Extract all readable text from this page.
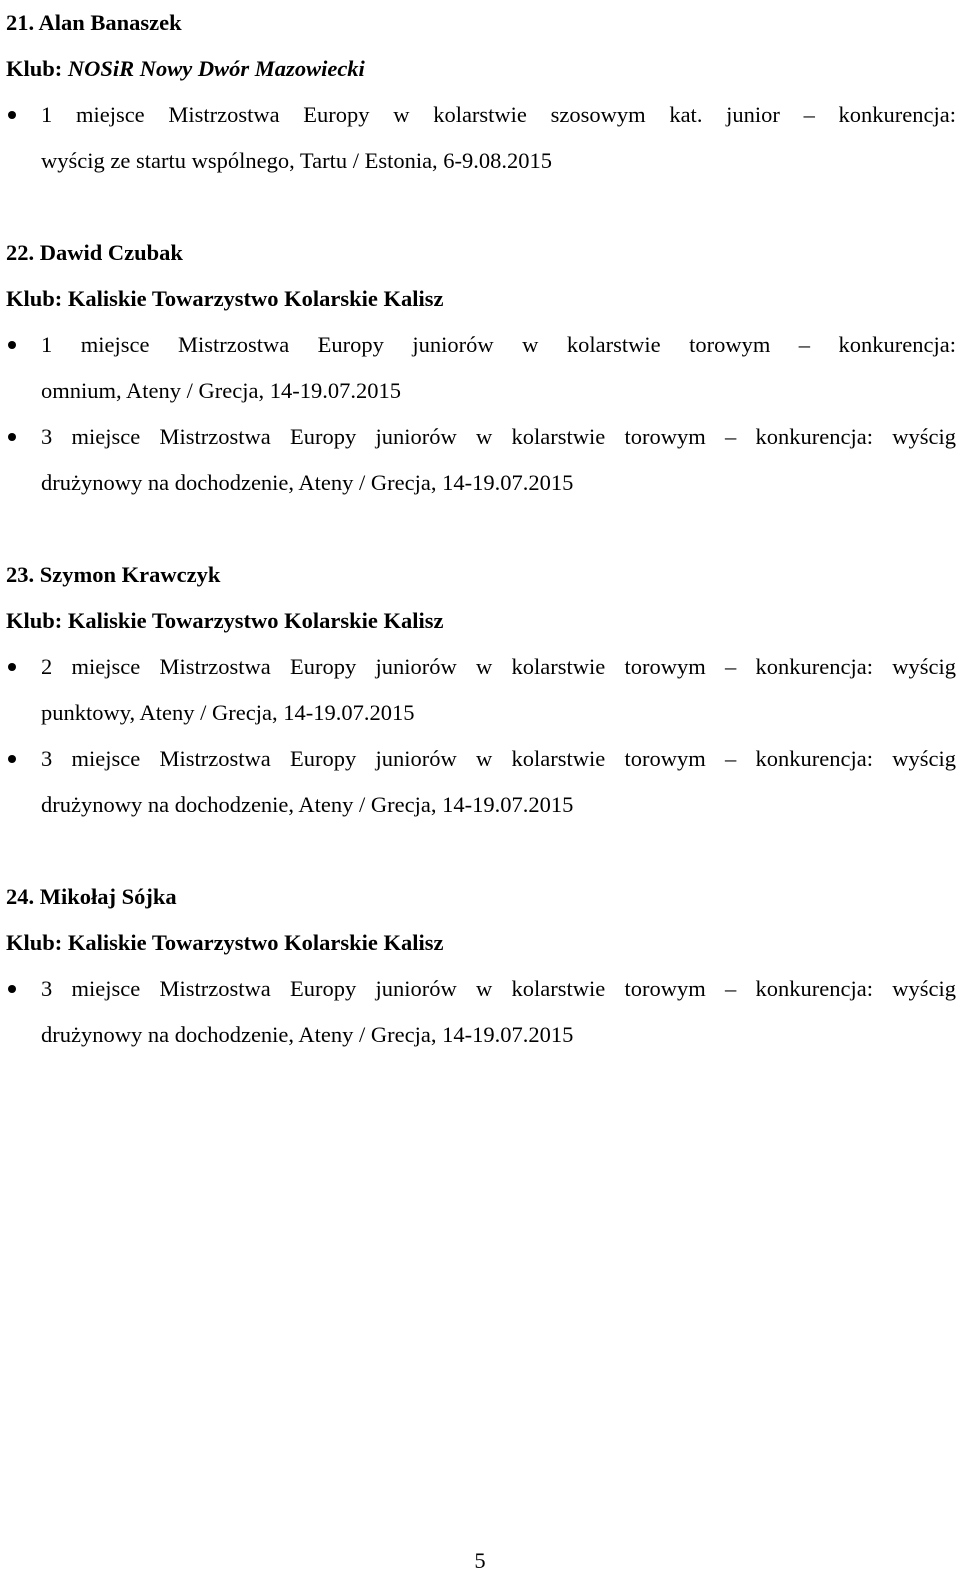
21. Alan Banaszek
Klub: NOSiR Nowy Dwór Mazowiecki
1 miejsce Mistrzostwa Europy w kolarstwie szosowym kat. junior – konkurencja:
wyścig ze startu wspólnego, Tartu / Estonia, 6-9.08.2015
22. Dawid Czubak
Klub: Kaliskie Towarzystwo Kolarskie Kalisz
1 miejsce Mistrzostwa Europy juniorów w kolarstwie torowym – konkurencja:
omnium, Ateny / Grecja, 14-19.07.2015
3 miejsce Mistrzostwa Europy juniorów w kolarstwie torowym – konkurencja: wyścig
drużynowy na dochodzenie, Ateny / Grecja, 14-19.07.2015
23. Szymon Krawczyk
Klub: Kaliskie Towarzystwo Kolarskie Kalisz
2 miejsce Mistrzostwa Europy juniorów w kolarstwie torowym – konkurencja: wyścig
punktowy, Ateny / Grecja, 14-19.07.2015
3 miejsce Mistrzostwa Europy juniorów w kolarstwie torowym – konkurencja: wyścig
drużynowy na dochodzenie, Ateny / Grecja, 14-19.07.2015
24. Mikołaj Sójka
Klub: Kaliskie Towarzystwo Kolarskie Kalisz
3 miejsce Mistrzostwa Europy juniorów w kolarstwie torowym – konkurencja: wyścig
drużynowy na dochodzenie, Ateny / Grecja, 14-19.07.2015
5
